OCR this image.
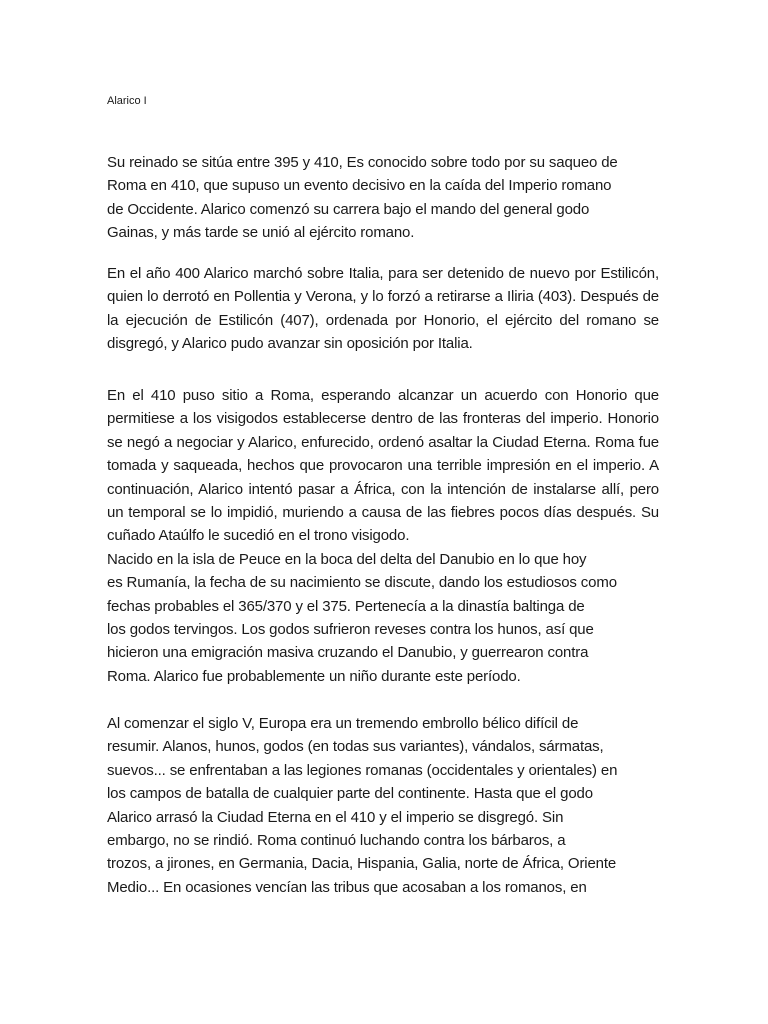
Alarico I

Su reinado se sitúa entre 395 y 410, Es conocido sobre todo por su saqueo de
Roma en 410, que supuso un evento decisivo en la caída del Imperio romano
de Occidente. Alarico comenzó su carrera bajo el mando del general godo
Gainas, y más tarde se unió al ejército romano.

En el año 400 Alarico marchó sobre Italia, para ser detenido de nuevo por Estilicón, quien lo derrotó en Pollentia y Verona, y lo forzó a retirarse a Iliria (403). Después de la ejecución de Estilicón (407), ordenada por Honorio, el ejército del romano se disgregó, y Alarico pudo avanzar sin oposición por Italia.

En el 410 puso sitio a Roma, esperando alcanzar un acuerdo con Honorio que permitiese a los visigodos establecerse dentro de las fronteras del imperio. Honorio se negó a negociar y Alarico, enfurecido, ordenó asaltar la Ciudad Eterna. Roma fue tomada y saqueada, hechos que provocaron una terrible impresión en el imperio. A continuación, Alarico intentó pasar a África, con la intención de instalarse allí, pero un temporal se lo impidió, muriendo a causa de las fiebres pocos días después. Su cuñado Ataúlfo le sucedió en el trono visigodo.
Nacido en la isla de Peuce en la boca del delta del Danubio en lo que hoy
es Rumanía, la fecha de su nacimiento se discute, dando los estudiosos como
fechas probables el 365/370 y el 375. Pertenecía a la dinastía baltinga de
los godos tervingos. Los godos sufrieron reveses contra los hunos, así que
hicieron una emigración masiva cruzando el Danubio, y guerrearon contra
Roma. Alarico fue probablemente un niño durante este período.

Al comenzar el siglo V, Europa era un tremendo embrollo bélico difícil de
resumir. Alanos, hunos, godos (en todas sus variantes), vándalos, sármatas,
suevos... se enfrentaban a las legiones romanas (occidentales y orientales) en
los campos de batalla de cualquier parte del continente. Hasta que el godo
Alarico arrasó la Ciudad Eterna en el 410 y el imperio se disgregó. Sin
embargo, no se rindió. Roma continuó luchando contra los bárbaros, a
trozos, a jirones, en Germania, Dacia, Hispania, Galia, norte de África, Oriente
Medio... En ocasiones vencían las tribus que acosaban a los romanos, en
